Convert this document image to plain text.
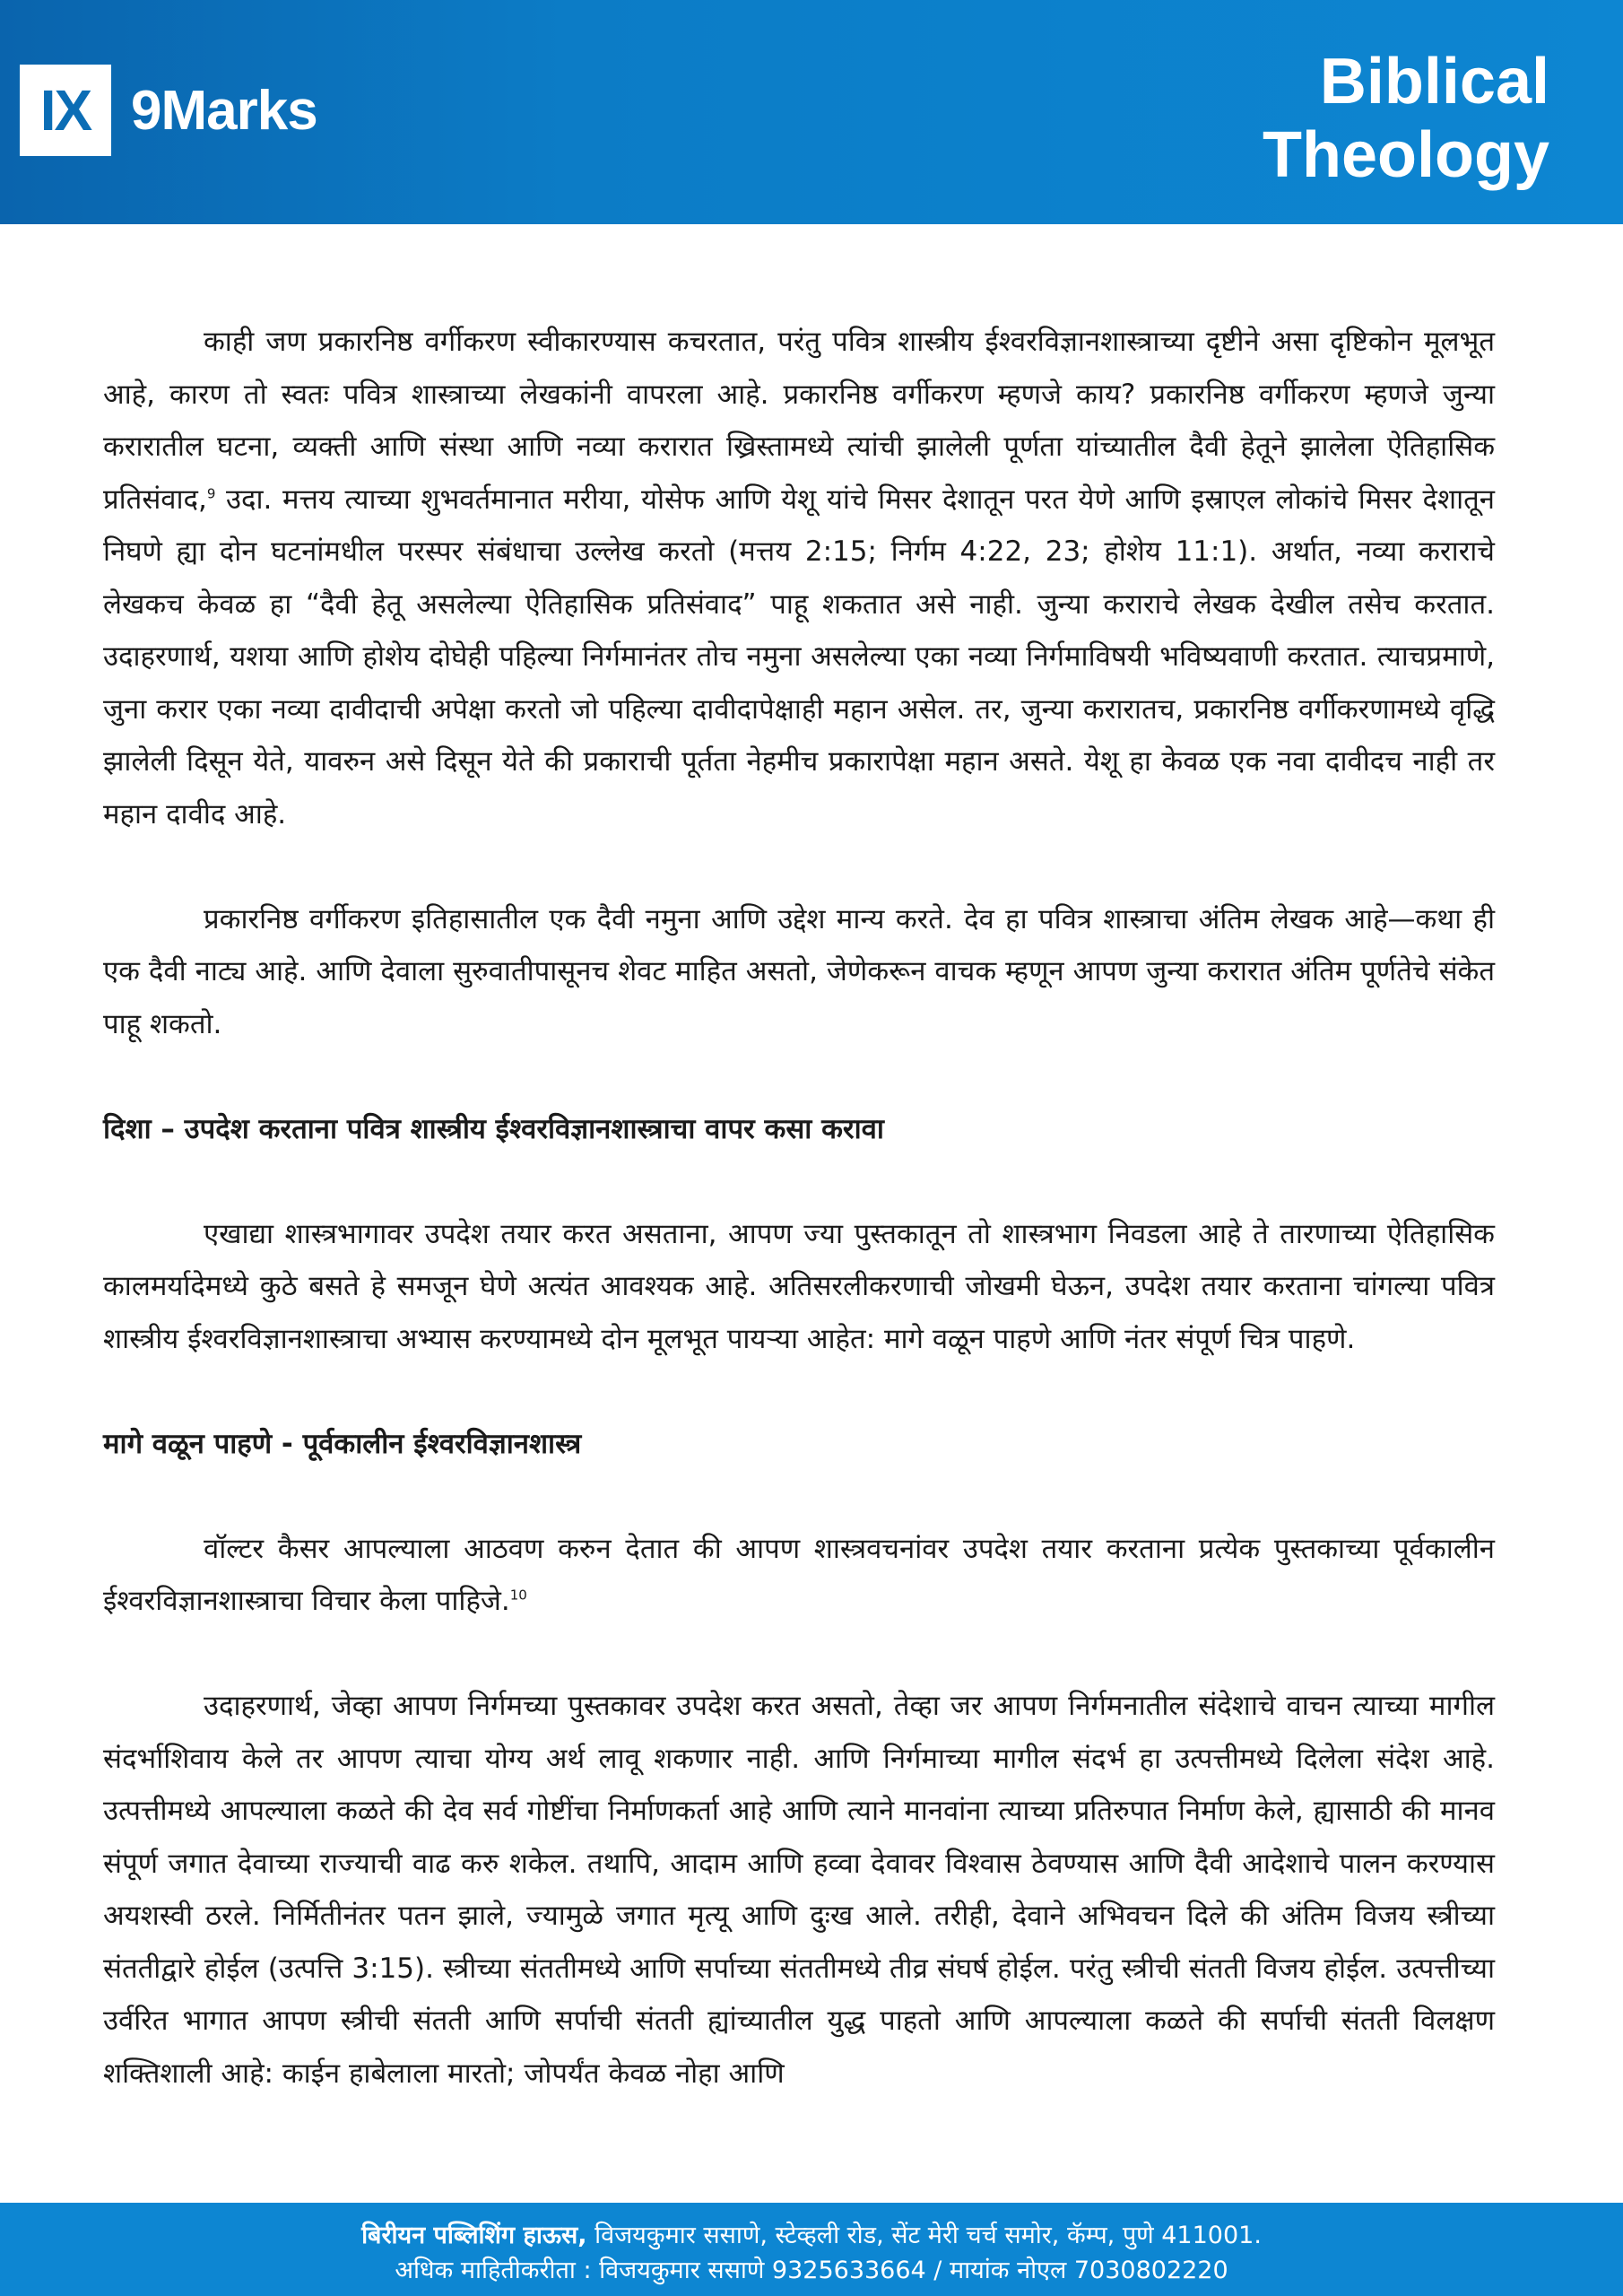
IX 9Marks	Biblical
Theology

काही जण प्रकारनिष्ठ वर्गीकरण स्वीकारण्यास कचरतात, परंतु पवित्र शास्त्रीय ईश्वरविज्ञानशास्त्राच्या दृष्टीने असा दृष्टिकोन मूलभूत आहे, कारण तो स्वतः पवित्र शास्त्राच्या लेखकांनी वापरला आहे. प्रकारनिष्ठ वर्गीकरण म्हणजे काय? प्रकारनिष्ठ वर्गीकरण म्हणजे जुन्या करारातील घटना, व्यक्ती आणि संस्था आणि नव्या करारात ख्रिस्तामध्ये त्यांची झालेली पूर्णता यांच्यातील दैवी हेतूने झालेला ऐतिहासिक प्रतिसंवाद,$^9$ उदा. मत्तय त्याच्या शुभवर्तमानात मरीया, योसेफ आणि येशू यांचे मिसर देशातून परत येणे आणि इस्राएल लोकांचे मिसर देशातून निघणे ह्या दोन घटनांमधील परस्पर संबंधाचा उल्लेख करतो (मत्तय 2:15; निर्गम 4:22, 23; होशेय 11:1). अर्थात, नव्या कराराचे लेखकच केवळ हा “दैवी हेतू असलेल्या ऐतिहासिक प्रतिसंवाद” पाहू शकतात असे नाही. जुन्या कराराचे लेखक देखील तसेच करतात. उदाहरणार्थ, यशया आणि होशेय दोघेही पहिल्या निर्गमानंतर तोच नमुना असलेल्या एका नव्या निर्गमाविषयी भविष्यवाणी करतात. त्याचप्रमाणे, जुना करार एका नव्या दावीदाची अपेक्षा करतो जो पहिल्या दावीदापेक्षाही महान असेल. तर, जुन्या करारातच, प्रकारनिष्ठ वर्गीकरणामध्ये वृद्धि झालेली दिसून येते, यावरुन असे दिसून येते की प्रकाराची पूर्तता नेहमीच प्रकारापेक्षा महान असते. येशू हा केवळ एक नवा दावीदच नाही तर महान दावीद आहे.

प्रकारनिष्ठ वर्गीकरण इतिहासातील एक दैवी नमुना आणि उद्देश मान्य करते. देव हा पवित्र शास्त्राचा अंतिम लेखक आहे—कथा ही एक दैवी नाट्य आहे. आणि देवाला सुरुवातीपासूनच शेवट माहित असतो, जेणेकरून वाचक म्हणून आपण जुन्या करारात अंतिम पूर्णतेचे संकेत पाहू शकतो.

दिशा – उपदेश करताना पवित्र शास्त्रीय ईश्वरविज्ञानशास्त्राचा वापर कसा करावा

एखाद्या शास्त्रभागावर उपदेश तयार करत असताना, आपण ज्या पुस्तकातून तो शास्त्रभाग निवडला आहे ते तारणाच्या ऐतिहासिक कालमर्यादेमध्ये कुठे बसते हे समजून घेणे अत्यंत आवश्यक आहे. अतिसरलीकरणाची जोखमी घेऊन, उपदेश तयार करताना चांगल्या पवित्र शास्त्रीय ईश्वरविज्ञानशास्त्राचा अभ्यास करण्यामध्ये दोन मूलभूत पायऱ्या आहेत: मागे वळून पाहणे आणि नंतर संपूर्ण चित्र पाहणे.

मागे वळून पाहणे - पूर्वकालीन ईश्वरविज्ञानशास्त्र

वॉल्टर कैसर आपल्याला आठवण करुन देतात की आपण शास्त्रवचनांवर उपदेश तयार करताना प्रत्येक पुस्तकाच्या पूर्वकालीन ईश्वरविज्ञानशास्त्राचा विचार केला पाहिजे.$^{10}$

उदाहरणार्थ, जेव्हा आपण निर्गमच्या पुस्तकावर उपदेश करत असतो, तेव्हा जर आपण निर्गमनातील संदेशाचे वाचन त्याच्या मागील संदर्भाशिवाय केले तर आपण त्याचा योग्य अर्थ लावू शकणार नाही. आणि निर्गमाच्या मागील संदर्भ हा उत्पत्तीमध्ये दिलेला संदेश आहे. उत्पत्तीमध्ये आपल्याला कळते की देव सर्व गोष्टींचा निर्माणकर्ता आहे आणि त्याने मानवांना त्याच्या प्रतिरुपात निर्माण केले, ह्यासाठी की मानव संपूर्ण जगात देवाच्या राज्याची वाढ करु शकेल. तथापि, आदाम आणि हव्वा देवावर विश्वास ठेवण्यास आणि दैवी आदेशाचे पालन करण्यास अयशस्वी ठरले. निर्मितीनंतर पतन झाले, ज्यामुळे जगात मृत्यू आणि दुःख आले. तरीही, देवाने अभिवचन दिले की अंतिम विजय स्त्रीच्या संततीद्वारे होईल (उत्पत्ति 3:15). स्त्रीच्या संततीमध्ये आणि सर्पाच्या संततीमध्ये तीव्र संघर्ष होईल. परंतु स्त्रीची संतती विजय होईल. उत्पत्तीच्या उर्वरित भागात आपण स्त्रीची संतती आणि सर्पाची संतती ह्यांच्यातील युद्ध पाहतो आणि आपल्याला कळते की सर्पाची संतती विलक्षण शक्तिशाली आहे: काईन हाबेलाला मारतो; जोपर्यंत केवळ नोहा आणि

बिरीयन पब्लिशिंग हाऊस, विजयकुमार ससाणे, स्टेव्हली रोड, सेंट मेरी चर्च समोर, कॅम्प, पुणे 411001.
अधिक माहितीकरीता : विजयकुमार ससाणे 9325633664 / मायांक नोएल 7030802220
